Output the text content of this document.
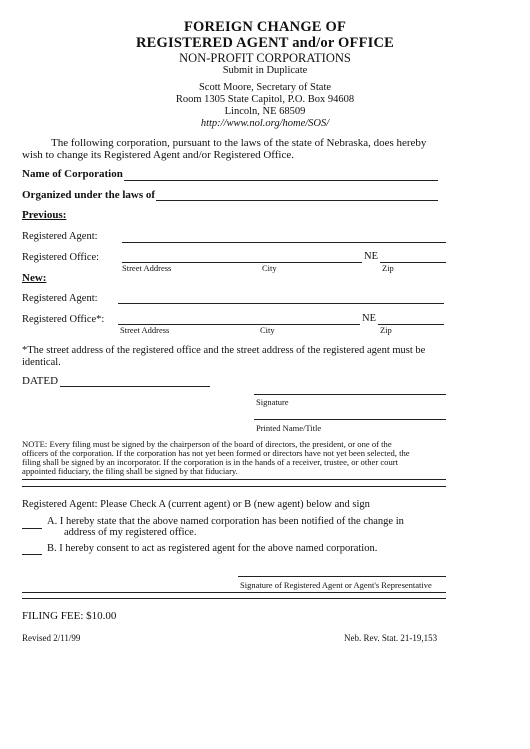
FOREIGN CHANGE OF
REGISTERED AGENT and/or OFFICE
NON-PROFIT CORPORATIONS
Submit in Duplicate
Scott Moore, Secretary of State
Room 1305 State Capitol, P.O. Box 94608
Lincoln, NE 68509
http://www.nol.org/home/SOS/
The following corporation, pursuant to the laws of the state of Nebraska, does hereby
wish to change its Registered Agent and/or Registered Office.
Name of Corporation
Organized under the laws of
Previous:
Registered Agent:
Registered Office:	NE
Street Address	City	Zip
New:
Registered Agent:
Registered Office*:	NE
Street Address	City	Zip
*The street address of the registered office and the street address of the registered agent must be
identical.
DATED
Signature
Printed Name/Title
NOTE: Every filing must be signed by the chairperson of the board of directors, the president, or one of the
officers of the corporation. If the corporation has not yet been formed or directors have not yet been selected, the
filing shall be signed by an incorporator. If the corporation is in the hands of a receiver, trustee, or other court
appointed fiduciary, the filing shall be signed by that fiduciary.
Registered Agent: Please Check A (current agent) or B (new agent) below and sign
A. I hereby state that the above named corporation has been notified of the change in
address of my registered office.
B. I hereby consent to act as registered agent for the above named corporation.
Signature of Registered Agent or Agent's Representative
FILING FEE: $10.00
Revised 2/11/99	Neb. Rev. Stat. 21-19,153
